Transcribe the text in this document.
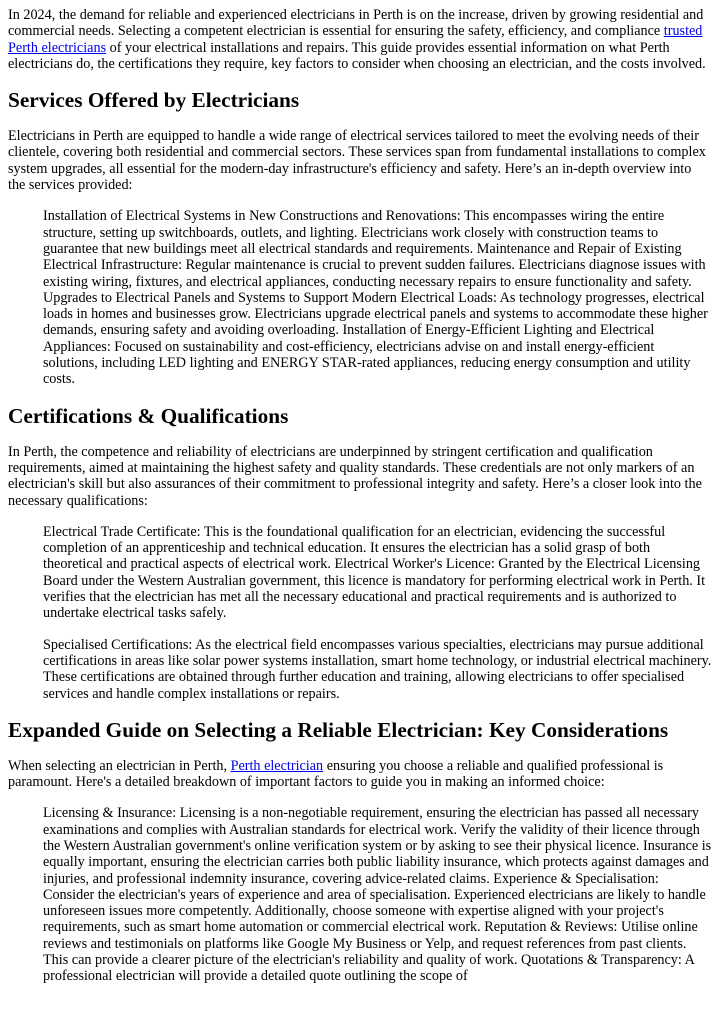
In 2024, the demand for reliable and experienced electricians in Perth is on the increase, driven by growing residential and commercial needs. Selecting a competent electrician is essential for ensuring the safety, efficiency, and compliance trusted Perth electricians of your electrical installations and repairs. This guide provides essential information on what Perth electricians do, the certifications they require, key factors to consider when choosing an electrician, and the costs involved.

Services Offered by Electricians

Electricians in Perth are equipped to handle a wide range of electrical services tailored to meet the evolving needs of their clientele, covering both residential and commercial sectors. These services span from fundamental installations to complex system upgrades, all essential for the modern-day infrastructure's efficiency and safety. Here’s an in-depth overview into the services provided:

Installation of Electrical Systems in New Constructions and Renovations: This encompasses wiring the entire structure, setting up switchboards, outlets, and lighting. Electricians work closely with construction teams to guarantee that new buildings meet all electrical standards and requirements. Maintenance and Repair of Existing Electrical Infrastructure: Regular maintenance is crucial to prevent sudden failures. Electricians diagnose issues with existing wiring, fixtures, and electrical appliances, conducting necessary repairs to ensure functionality and safety. Upgrades to Electrical Panels and Systems to Support Modern Electrical Loads: As technology progresses, electrical loads in homes and businesses grow. Electricians upgrade electrical panels and systems to accommodate these higher demands, ensuring safety and avoiding overloading. Installation of Energy-Efficient Lighting and Electrical Appliances: Focused on sustainability and cost-efficiency, electricians advise on and install energy-efficient solutions, including LED lighting and ENERGY STAR-rated appliances, reducing energy consumption and utility costs.
Certifications & Qualifications

In Perth, the competence and reliability of electricians are underpinned by stringent certification and qualification requirements, aimed at maintaining the highest safety and quality standards. These credentials are not only markers of an electrician's skill but also assurances of their commitment to professional integrity and safety. Here’s a closer look into the necessary qualifications:

Electrical Trade Certificate: This is the foundational qualification for an electrician, evidencing the successful completion of an apprenticeship and technical education. It ensures the electrician has a solid grasp of both theoretical and practical aspects of electrical work. Electrical Worker's Licence: Granted by the Electrical Licensing Board under the Western Australian government, this licence is mandatory for performing electrical work in Perth. It verifies that the electrician has met all the necessary educational and practical requirements and is authorized to undertake electrical tasks safely.
Specialised Certifications: As the electrical field encompasses various specialties, electricians may pursue additional certifications in areas like solar power systems installation, smart home technology, or industrial electrical machinery. These certifications are obtained through further education and training, allowing electricians to offer specialised services and handle complex installations or repairs.
Expanded Guide on Selecting a Reliable Electrician: Key Considerations

When selecting an electrician in Perth, Perth electrician ensuring you choose a reliable and qualified professional is paramount. Here's a detailed breakdown of important factors to guide you in making an informed choice:

Licensing & Insurance: Licensing is a non-negotiable requirement, ensuring the electrician has passed all necessary examinations and complies with Australian standards for electrical work. Verify the validity of their licence through the Western Australian government's online verification system or by asking to see their physical licence. Insurance is equally important, ensuring the electrician carries both public liability insurance, which protects against damages and injuries, and professional indemnity insurance, covering advice-related claims. Experience & Specialisation: Consider the electrician's years of experience and area of specialisation. Experienced electricians are likely to handle unforeseen issues more competently. Additionally, choose someone with expertise aligned with your project's requirements, such as smart home automation or commercial electrical work. Reputation & Reviews: Utilise online reviews and testimonials on platforms like Google My Business or Yelp, and request references from past clients. This can provide a clearer picture of the electrician's reliability and quality of work. Quotations & Transparency: A professional electrician will provide a detailed quote outlining the scope of
